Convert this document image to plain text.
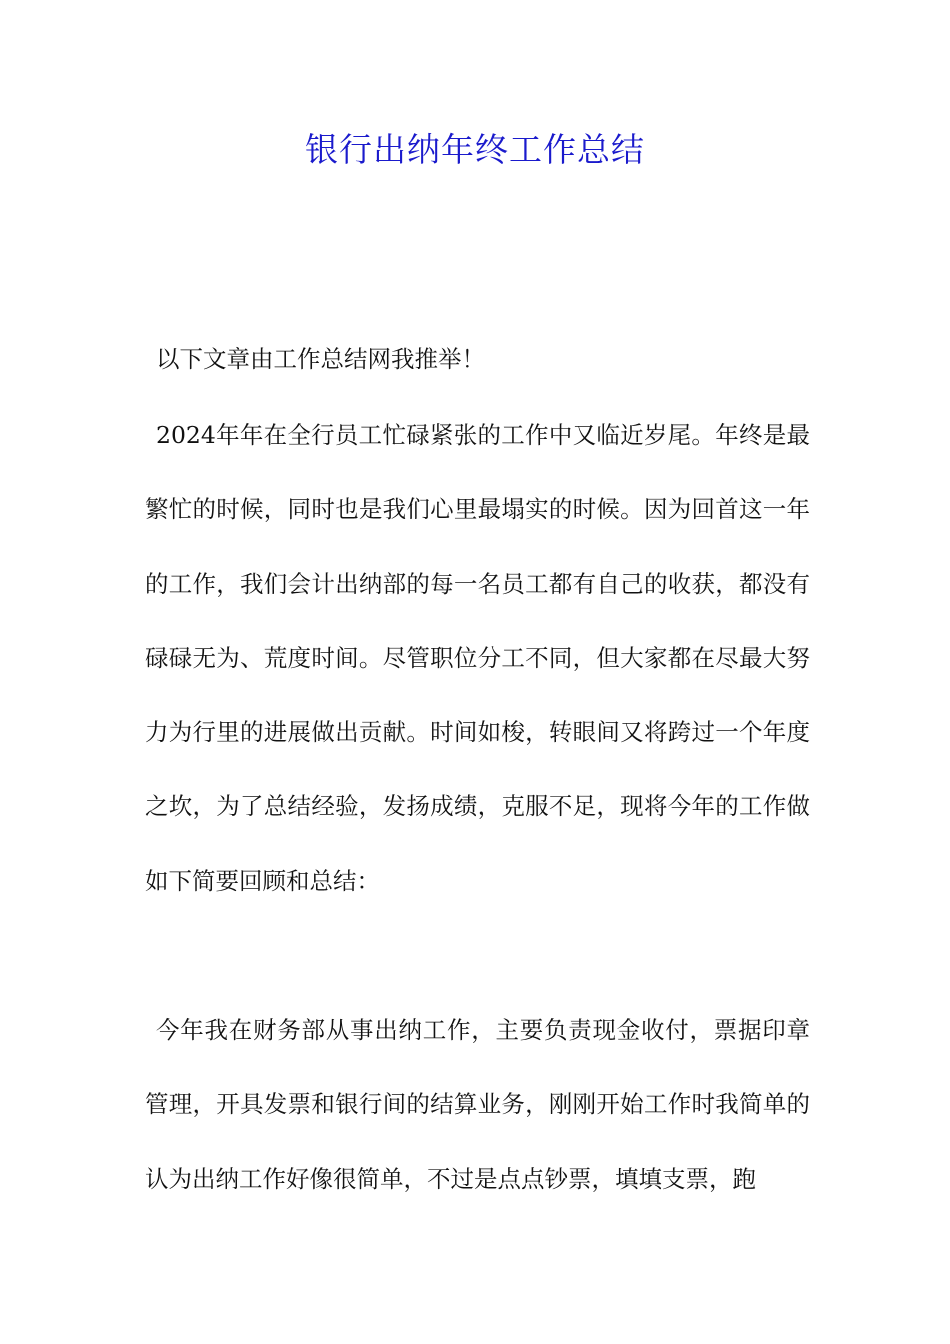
银行出纳年终工作总结

以下文章由工作总结网我推举！

2024年年在全行员工忙碌紧张的工作中又临近岁尾。年终是最繁忙的时候，同时也是我们心里最塌实的时候。因为回首这一年的工作，我们会计出纳部的每一名员工都有自己的收获，都没有碌碌无为、荒度时间。尽管职位分工不同，但大家都在尽最大努力为行里的进展做出贡献。时间如梭，转眼间又将跨过一个年度之坎，为了总结经验，发扬成绩，克服不足，现将今年的工作做如下简要回顾和总结：

今年我在财务部从事出纳工作，主要负责现金收付，票据印章管理，开具发票和银行间的结算业务，刚刚开始工作时我简单的认为出纳工作好像很简单，不过是点点钞票，填填支票，跑
